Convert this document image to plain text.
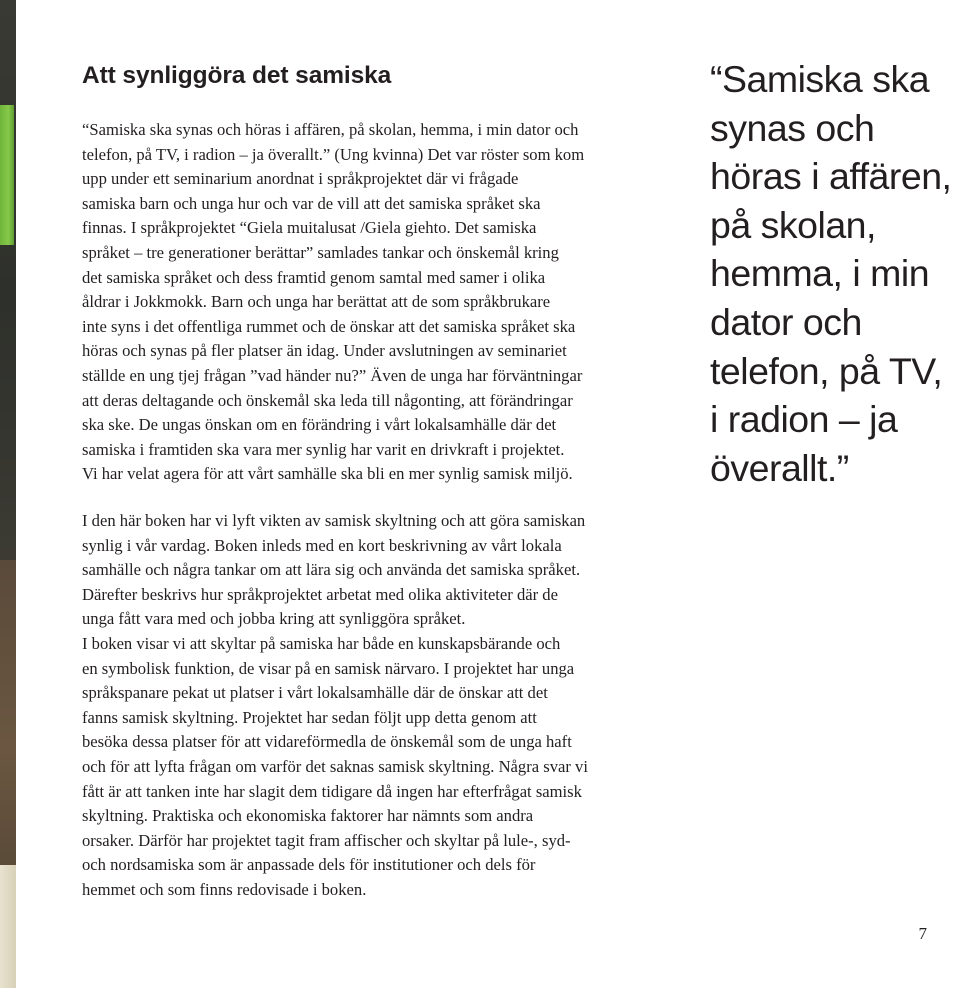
Att synliggöra det samiska

“Samiska ska synas och höras i affären, på skolan, hemma, i min dator och

telefon, på TV, i radion – ja överallt.” (Ung kvinna) Det var röster som kom

upp under ett seminarium anordnat i språkprojektet där vi frågade

samiska barn och unga hur och var de vill att det samiska språket ska

finnas. I språkprojektet “Giela muitalusat /Giela giehto. Det samiska

språket – tre generationer berättar” samlades tankar och önskemål kring

det samiska språket och dess framtid genom samtal med samer i olika

åldrar i Jokkmokk. Barn och unga har berättat att de som språkbrukare

inte syns i det offentliga rummet och de önskar att det samiska språket ska

höras och synas på fler platser än idag. Under avslutningen av seminariet

ställde en ung tjej frågan ”vad händer nu?” Även de unga har förväntningar

att deras deltagande och önskemål ska leda till någonting, att förändringar

ska ske. De ungas önskan om en förändring i vårt lokalsamhälle där det

samiska i framtiden ska vara mer synlig har varit en drivkraft i projektet.

Vi har velat agera för att vårt samhälle ska bli en mer synlig samisk miljö.

I den här boken har vi lyft vikten av samisk skyltning och att göra samiskan

synlig i vår vardag. Boken inleds med en kort beskrivning av vårt lokala

samhälle och några tankar om att lära sig och använda det samiska språket.

Därefter beskrivs hur språkprojektet arbetat med olika aktiviteter där de

unga fått vara med och jobba kring att synliggöra språket.

I boken visar vi att skyltar på samiska har både en kunskapsbärande och

en symbolisk funktion, de visar på en samisk närvaro. I projektet har unga

språkspanare pekat ut platser i vårt lokalsamhälle där de önskar att det

fanns samisk skyltning. Projektet har sedan följt upp detta genom att

besöka dessa platser för att vidareförmedla de önskemål som de unga haft

och för att lyfta frågan om varför det saknas samisk skyltning. Några svar vi

fått är att tanken inte har slagit dem tidigare då ingen har efterfrågat samisk

skyltning. Praktiska och ekonomiska faktorer har nämnts som andra

orsaker. Därför har projektet tagit fram affischer och skyltar på lule-, syd-

och nordsamiska som är anpassade dels för institutioner och dels för

hemmet och som finns redovisade i boken.

“Samiska ska
synas och
höras i affären,
på skolan,
hemma, i min
dator och
telefon, på TV,
i radion – ja
överallt.”
7
